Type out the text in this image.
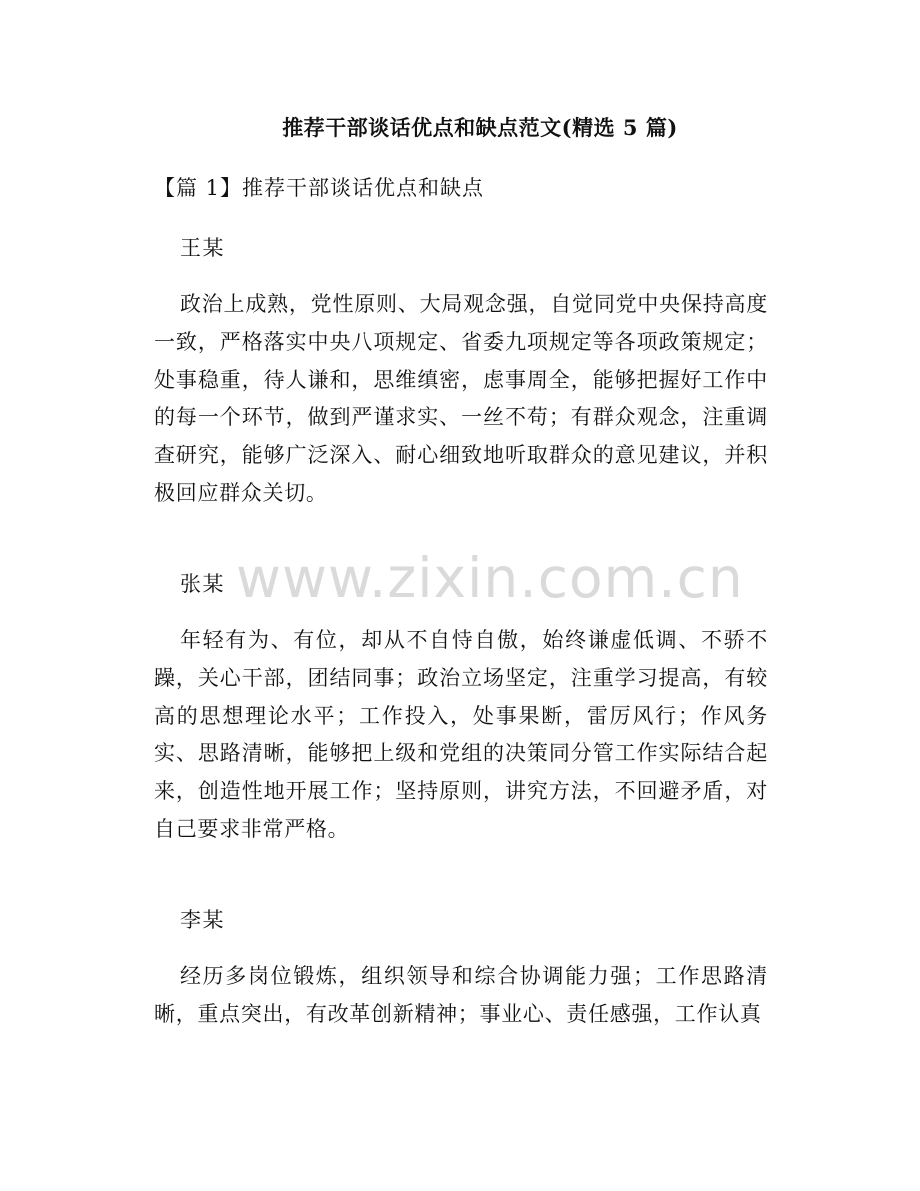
推荐干部谈话优点和缺点范文(精选 5 篇)

【篇 1】推荐干部谈话优点和缺点

王某

政治上成熟，党性原则、大局观念强，自觉同党中央保持高度一致，严格落实中央八项规定、省委九项规定等各项政策规定；处事稳重，待人谦和，思维缜密，虑事周全，能够把握好工作中的每一个环节，做到严谨求实、一丝不苟；有群众观念，注重调查研究，能够广泛深入、耐心细致地听取群众的意见建议，并积极回应群众关切。

张某

年轻有为、有位，却从不自恃自傲，始终谦虚低调、不骄不躁，关心干部，团结同事；政治立场坚定，注重学习提高，有较高的思想理论水平；工作投入，处事果断，雷厉风行；作风务实、思路清晰，能够把上级和党组的决策同分管工作实际结合起来，创造性地开展工作；坚持原则，讲究方法，不回避矛盾，对自己要求非常严格。

李某

经历多岗位锻炼，组织领导和综合协调能力强；工作思路清晰，重点突出，有改革创新精神；事业心、责任感强，工作认真

www.zixin.com.cn
